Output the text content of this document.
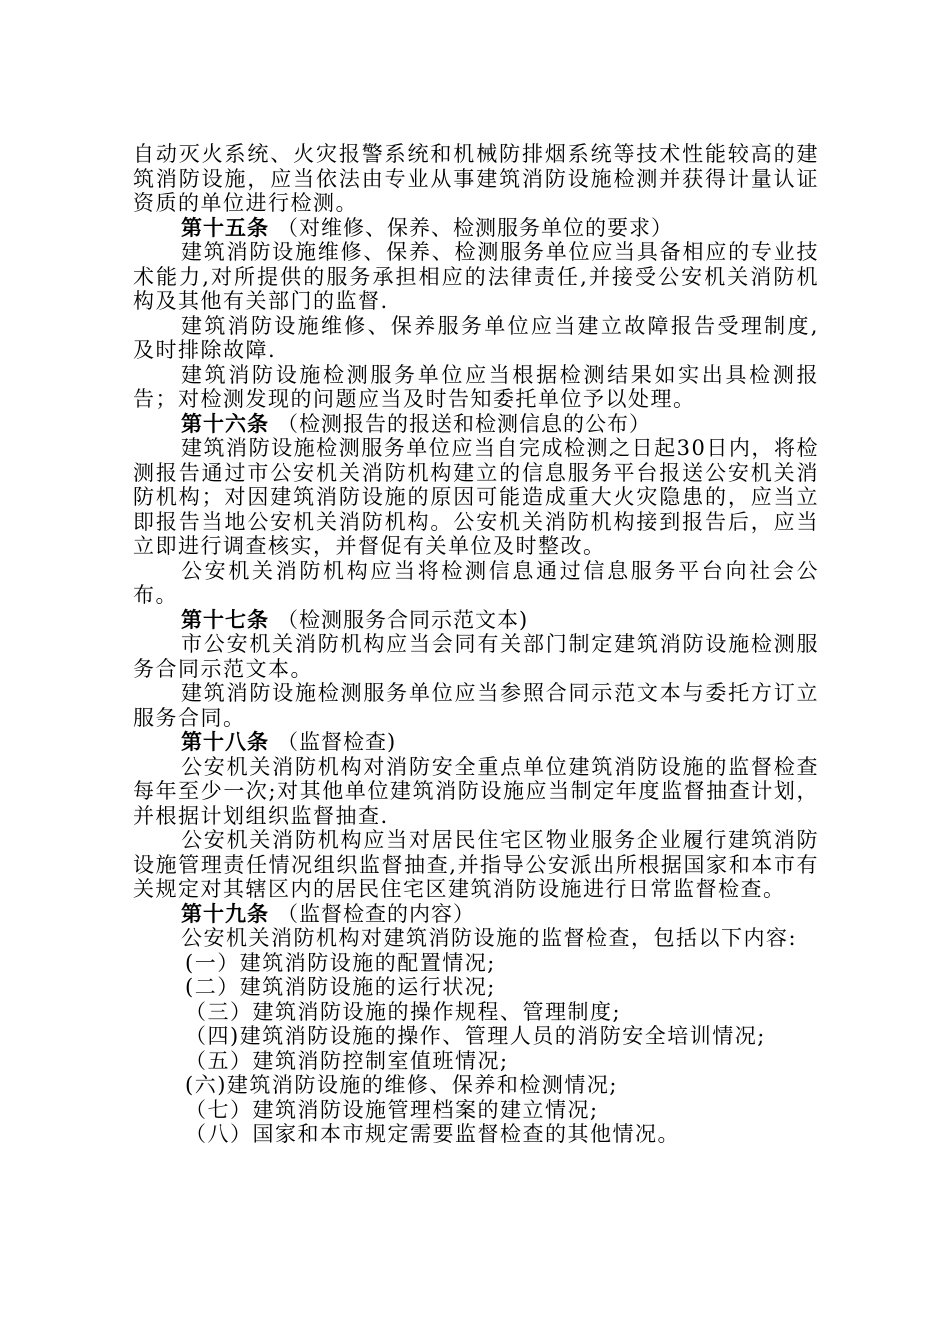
自动灭火系统、火灾报警系统和机械防排烟系统等技术性能较高的建筑消防设施，应当依法由专业从事建筑消防设施检测并获得计量认证资质的单位进行检测。

第十五条 （对维修、保养、检测服务单位的要求）

建筑消防设施维修、保养、检测服务单位应当具备相应的专业技术能力,对所提供的服务承担相应的法律责任,并接受公安机关消防机构及其他有关部门的监督.

建筑消防设施维修、保养服务单位应当建立故障报告受理制度,及时排除故障.

建筑消防设施检测服务单位应当根据检测结果如实出具检测报告；对检测发现的问题应当及时告知委托单位予以处理。

第十六条 （检测报告的报送和检测信息的公布）

建筑消防设施检测服务单位应当自完成检测之日起30日内，将检测报告通过市公安机关消防机构建立的信息服务平台报送公安机关消防机构；对因建筑消防设施的原因可能造成重大火灾隐患的，应当立即报告当地公安机关消防机构。公安机关消防机构接到报告后，应当立即进行调查核实，并督促有关单位及时整改。

公安机关消防机构应当将检测信息通过信息服务平台向社会公布。

第十七条 （检测服务合同示范文本)

市公安机关消防机构应当会同有关部门制定建筑消防设施检测服务合同示范文本。

建筑消防设施检测服务单位应当参照合同示范文本与委托方订立服务合同。

第十八条 （监督检查)

公安机关消防机构对消防安全重点单位建筑消防设施的监督检查每年至少一次;对其他单位建筑消防设施应当制定年度监督抽查计划，并根据计划组织监督抽查.

公安机关消防机构应当对居民住宅区物业服务企业履行建筑消防设施管理责任情况组织监督抽查,并指导公安派出所根据国家和本市有关规定对其辖区内的居民住宅区建筑消防设施进行日常监督检查。

第十九条 （监督检查的内容）

公安机关消防机构对建筑消防设施的监督检查，包括以下内容:

(一）建筑消防设施的配置情况;

(二）建筑消防设施的运行状况;

（三）建筑消防设施的操作规程、管理制度;

（四)建筑消防设施的操作、管理人员的消防安全培训情况;

（五）建筑消防控制室值班情况;

(六)建筑消防设施的维修、保养和检测情况;

（七）建筑消防设施管理档案的建立情况;

（八）国家和本市规定需要监督检查的其他情况。
